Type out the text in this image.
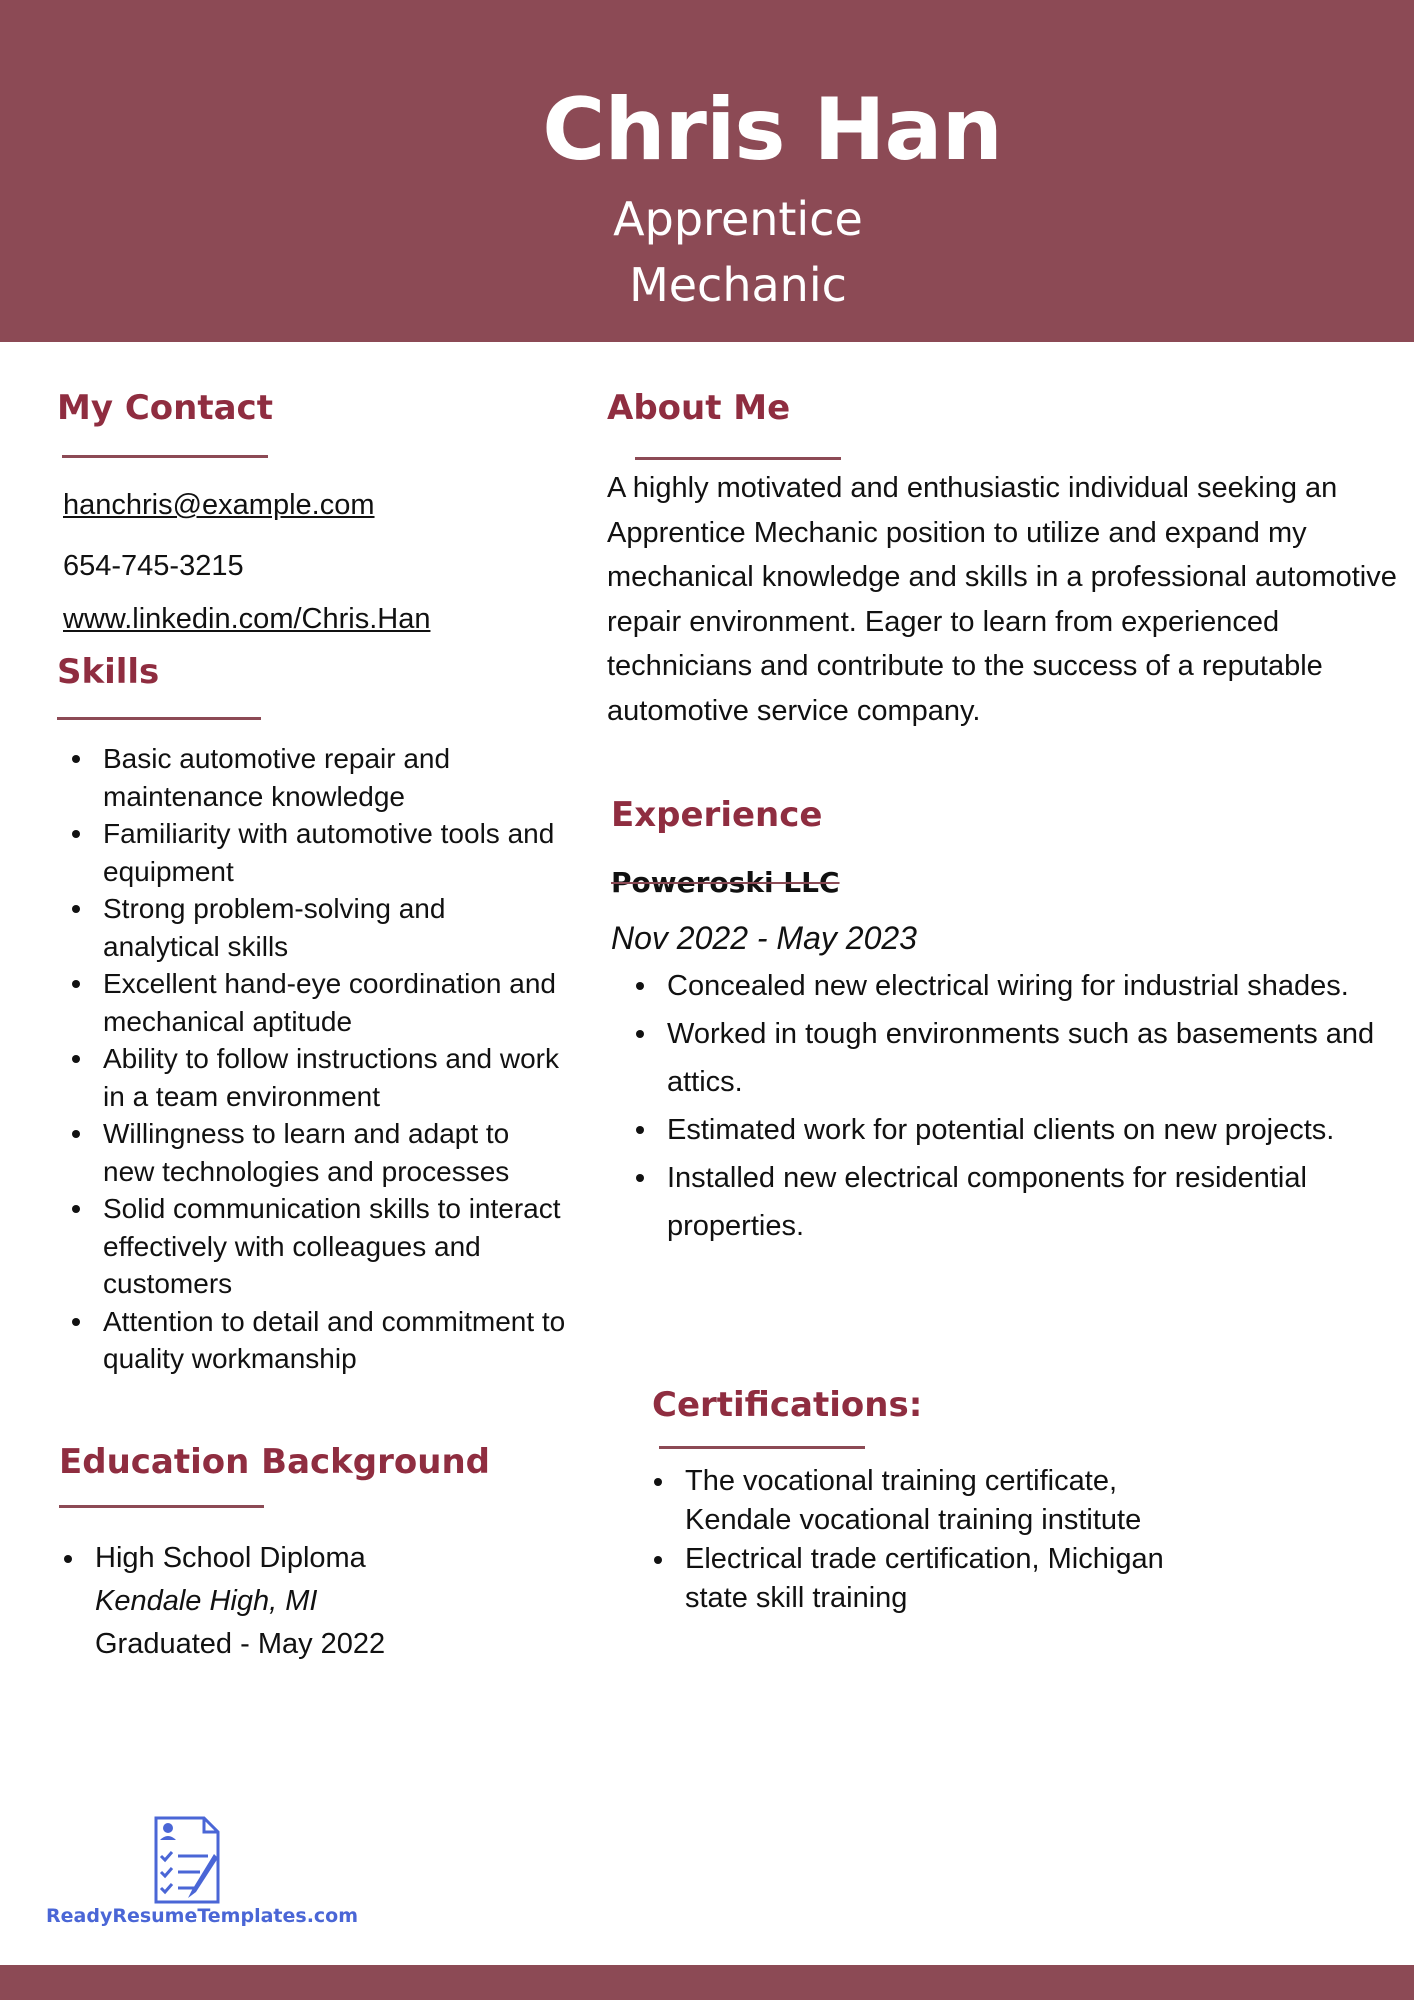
Chris Han
Apprentice
Mechanic
My Contact
hanchris@example.com
654-745-3215
www.linkedin.com/Chris.Han
Skills
Basic automotive repair and maintenance knowledge
Familiarity with automotive tools and equipment
Strong problem-solving and analytical skills
Excellent hand-eye coordination and mechanical aptitude
Ability to follow instructions and work in a team environment
Willingness to learn and adapt to new technologies and processes
Solid communication skills to interact effectively with colleagues and customers
Attention to detail and commitment to quality workmanship
Education Background
High School Diploma
Kendale High, MI
Graduated - May 2022
About Me

A highly motivated and enthusiastic individual seeking an Apprentice Mechanic position to utilize and expand my mechanical knowledge and skills in a professional automotive repair environment. Eager to learn from experienced technicians and contribute to the success of a reputable automotive service company.

Experience
Poweroski LLC
Nov 2022 - May 2023
Concealed new electrical wiring for industrial shades.
Worked in tough environments such as basements and attics.
Estimated work for potential clients on new projects.
Installed new electrical components for residential properties.
Certifications:
The vocational training certificate, Kendale vocational training institute
Electrical trade certification, Michigan state skill training
ReadyResumeTemplates.com
